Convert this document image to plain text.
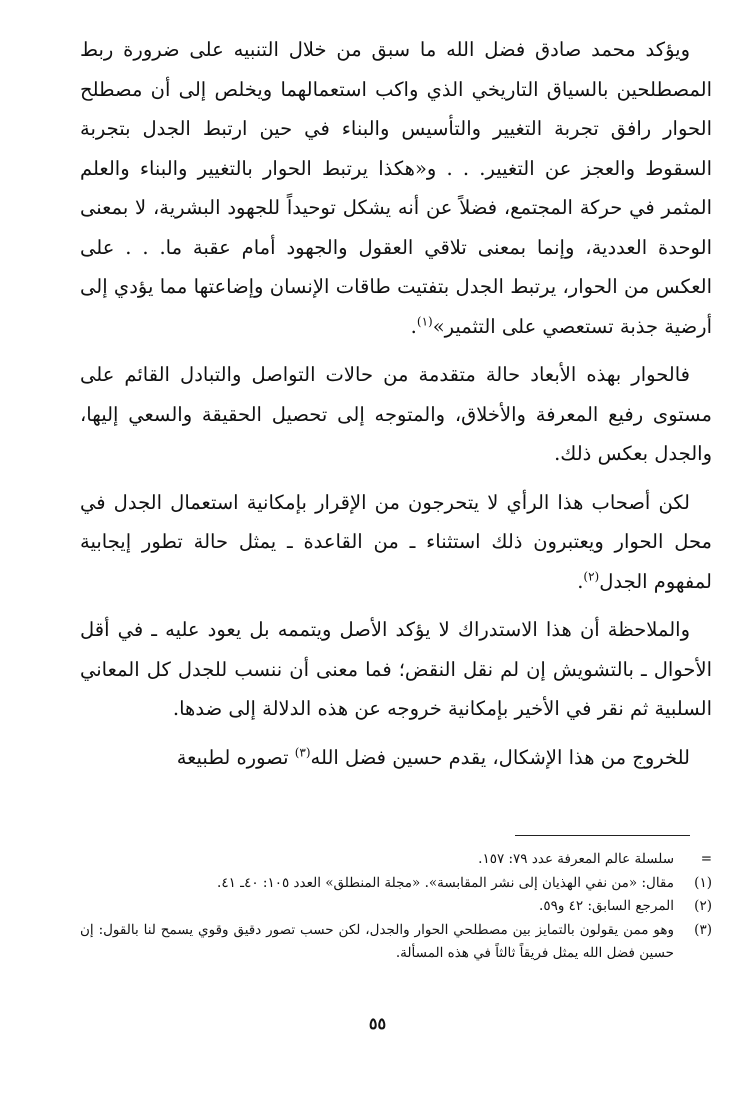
ويؤكد محمد صادق فضل الله ما سبق من خلال التنبيه على ضرورة ربط المصطلحين بالسياق التاريخي الذي واكب استعمالهما ويخلص إلى أن مصطلح الحوار رافق تجربة التغيير والتأسيس والبناء في حين ارتبط الجدل بتجربة السقوط والعجز عن التغيير. . . و«هكذا يرتبط الحوار بالتغيير والبناء والعلم المثمر في حركة المجتمع، فضلاً عن أنه يشكل توحيداً للجهود البشرية، لا بمعنى الوحدة العددية، وإنما بمعنى تلاقي العقول والجهود أمام عقبة ما. . . على العكس من الحوار، يرتبط الجدل بتفتيت طاقات الإنسان وإضاعتها مما يؤدي إلى أرضية جذبة تستعصي على التثمير»$^{(١)}$.

فالحوار بهذه الأبعاد حالة متقدمة من حالات التواصل والتبادل القائم على مستوى رفيع المعرفة والأخلاق، والمتوجه إلى تحصيل الحقيقة والسعي إليها، والجدل بعكس ذلك.

لكن أصحاب هذا الرأي لا يتحرجون من الإقرار بإمكانية استعمال الجدل في محل الحوار ويعتبرون ذلك استثناء ـ من القاعدة ـ يمثل حالة تطور إيجابية لمفهوم الجدل$^{(٢)}$.

والملاحظة أن هذا الاستدراك لا يؤكد الأصل ويتممه بل يعود عليه ـ في أقل الأحوال ـ بالتشويش إن لم نقل النقض؛ فما معنى أن ننسب للجدل كل المعاني السلبية ثم نقر في الأخير بإمكانية خروجه عن هذه الدلالة إلى ضدها.

للخروج من هذا الإشكال، يقدم حسين فضل الله$^{(٣)}$ تصوره لطبيعة

=
سلسلة عالم المعرفة عدد ٧٩: ١٥٧.
(١)
مقال: «من نفي الهذيان إلى نشر المقابسة». «مجلة المنطلق» العدد ١٠٥: ٤٠ـ ٤١.
(٢)
المرجع السابق: ٤٢ و٥٩.
(٣)
وهو ممن يقولون بالتمايز بين مصطلحي الحوار والجدل، لكن حسب تصور دقيق وقوي يسمح لنا بالقول: إن حسين فضل الله يمثل فريقاً ثالثاً في هذه المسألة.
٥٥
